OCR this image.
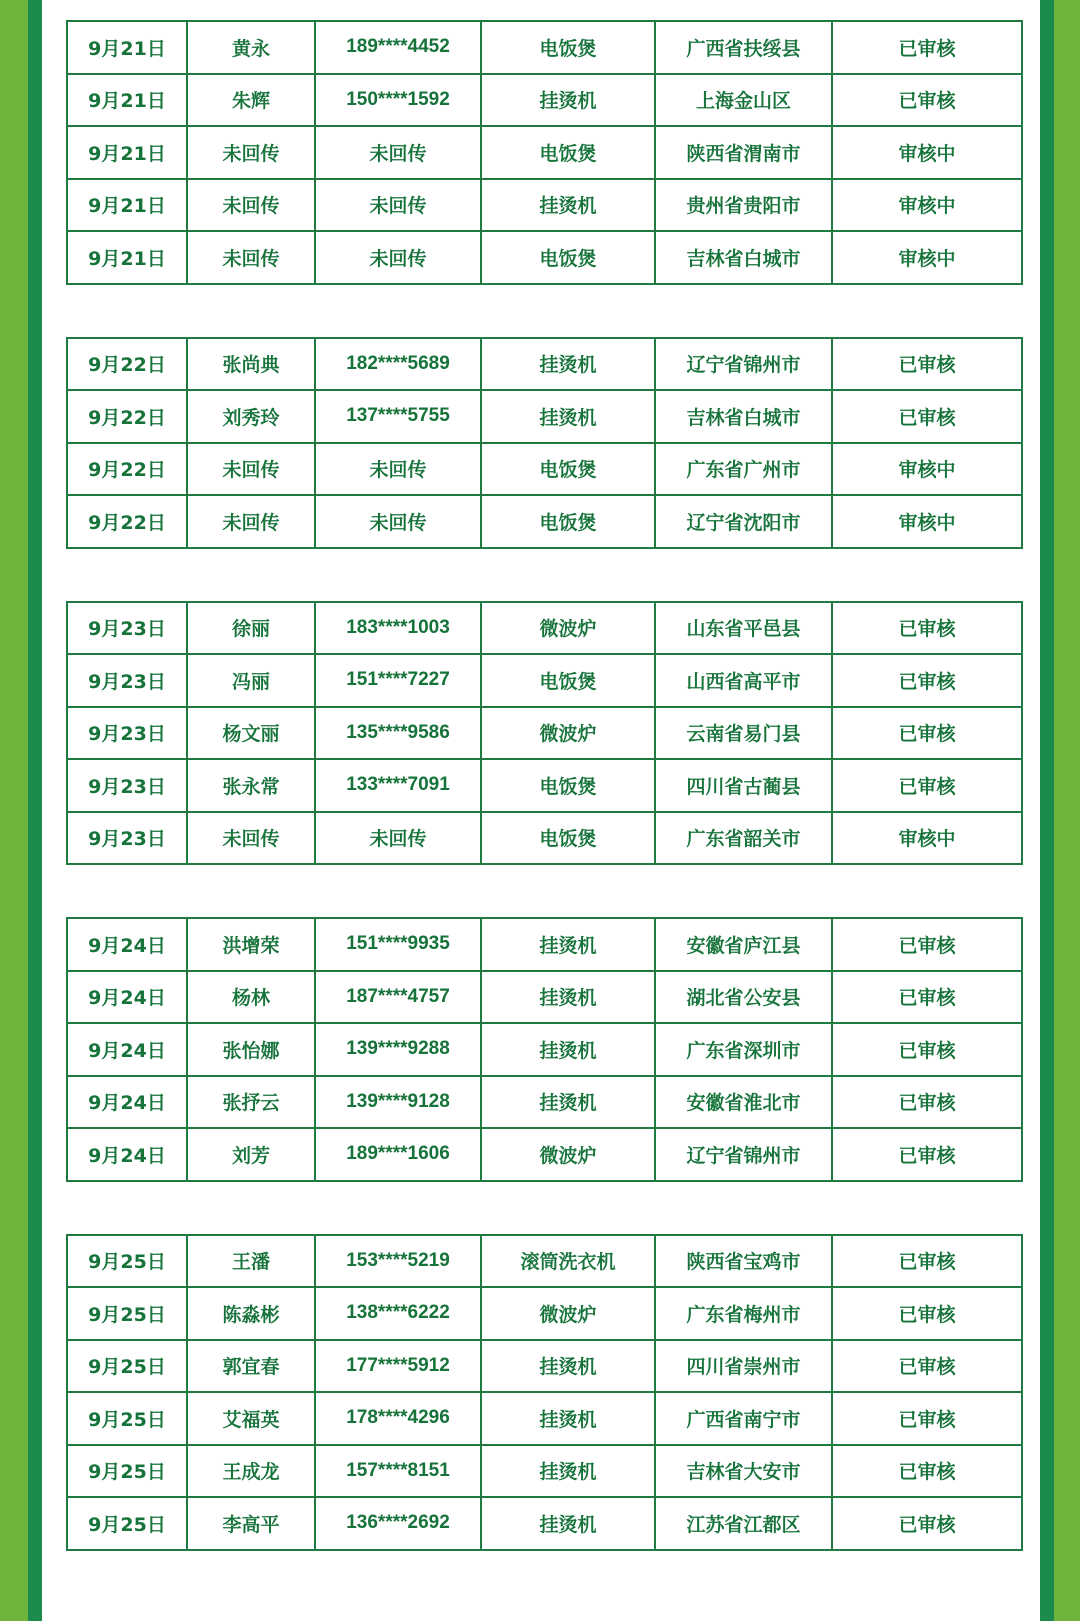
9月21日	黄永	189****4452	电饭煲	广西省扶绥县	已审核
9月21日	朱辉	150****1592	挂烫机	上海金山区	已审核
9月21日	未回传	未回传	电饭煲	陕西省渭南市	审核中
9月21日	未回传	未回传	挂烫机	贵州省贵阳市	审核中
9月21日	未回传	未回传	电饭煲	吉林省白城市	审核中
9月22日	张尚典	182****5689	挂烫机	辽宁省锦州市	已审核
9月22日	刘秀玲	137****5755	挂烫机	吉林省白城市	已审核
9月22日	未回传	未回传	电饭煲	广东省广州市	审核中
9月22日	未回传	未回传	电饭煲	辽宁省沈阳市	审核中
9月23日	徐丽	183****1003	微波炉	山东省平邑县	已审核
9月23日	冯丽	151****7227	电饭煲	山西省高平市	已审核
9月23日	杨文丽	135****9586	微波炉	云南省易门县	已审核
9月23日	张永常	133****7091	电饭煲	四川省古蔺县	已审核
9月23日	未回传	未回传	电饭煲	广东省韶关市	审核中
9月24日	洪增荣	151****9935	挂烫机	安徽省庐江县	已审核
9月24日	杨林	187****4757	挂烫机	湖北省公安县	已审核
9月24日	张怡娜	139****9288	挂烫机	广东省深圳市	已审核
9月24日	张抒云	139****9128	挂烫机	安徽省淮北市	已审核
9月24日	刘芳	189****1606	微波炉	辽宁省锦州市	已审核
9月25日	王潘	153****5219	滚筒洗衣机	陕西省宝鸡市	已审核
9月25日	陈淼彬	138****6222	微波炉	广东省梅州市	已审核
9月25日	郭宜春	177****5912	挂烫机	四川省崇州市	已审核
9月25日	艾福英	178****4296	挂烫机	广西省南宁市	已审核
9月25日	王成龙	157****8151	挂烫机	吉林省大安市	已审核
9月25日	李高平	136****2692	挂烫机	江苏省江都区	已审核
